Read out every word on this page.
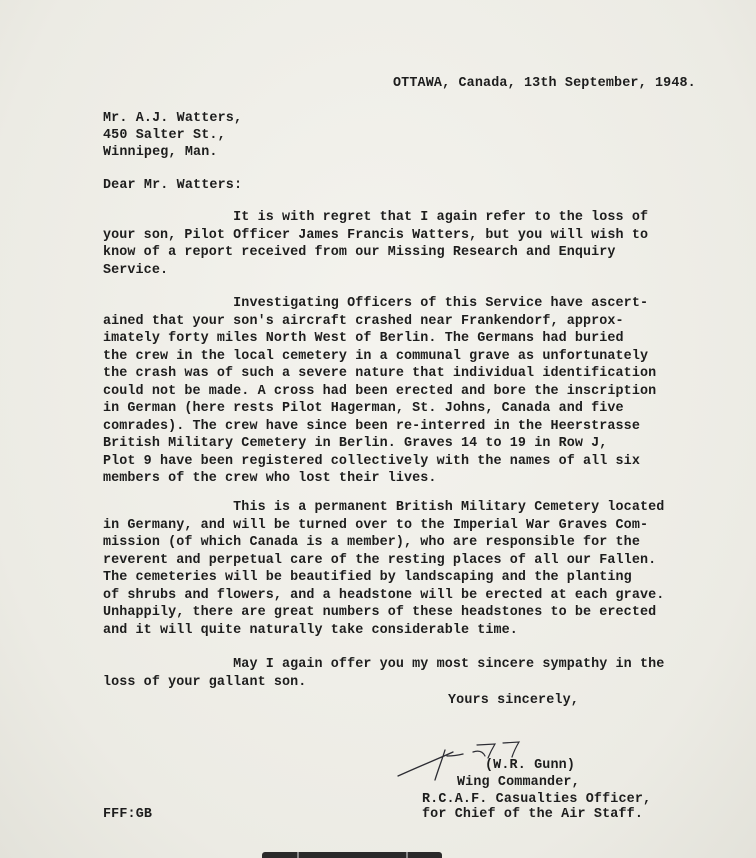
OTTAWA, Canada, 13th September, 1948.
Mr. A.J. Watters,
450 Salter St.,
Winnipeg, Man.
Dear Mr. Watters:
It is with regret that I again refer to the loss of
your son, Pilot Officer James Francis Watters, but you will wish to
know of a report received from our Missing Research and Enquiry
Service.
Investigating Officers of this Service have ascert-
ained that your son's aircraft crashed near Frankendorf, approx-
imately forty miles North West of Berlin. The Germans had buried
the crew in the local cemetery in a communal grave as unfortunately
the crash was of such a severe nature that individual identification
could not be made. A cross had been erected and bore the inscription
in German (here rests Pilot Hagerman, St. Johns, Canada and five
comrades). The crew have since been re-interred in the Heerstrasse
British Military Cemetery in Berlin. Graves 14 to 19 in Row J,
Plot 9 have been registered collectively with the names of all six
members of the crew who lost their lives.
This is a permanent British Military Cemetery located
in Germany, and will be turned over to the Imperial War Graves Com-
mission (of which Canada is a member), who are responsible for the
reverent and perpetual care of the resting places of all our Fallen.
The cemeteries will be beautified by landscaping and the planting
of shrubs and flowers, and a headstone will be erected at each grave.
Unhappily, there are great numbers of these headstones to be erected
and it will quite naturally take considerable time.
May I again offer you my most sincere sympathy in the
loss of your gallant son.
Yours sincerely,
(W.R. Gunn)
Wing Commander,
R.C.A.F. Casualties Officer,
for Chief of the Air Staff.
FFF:GB
